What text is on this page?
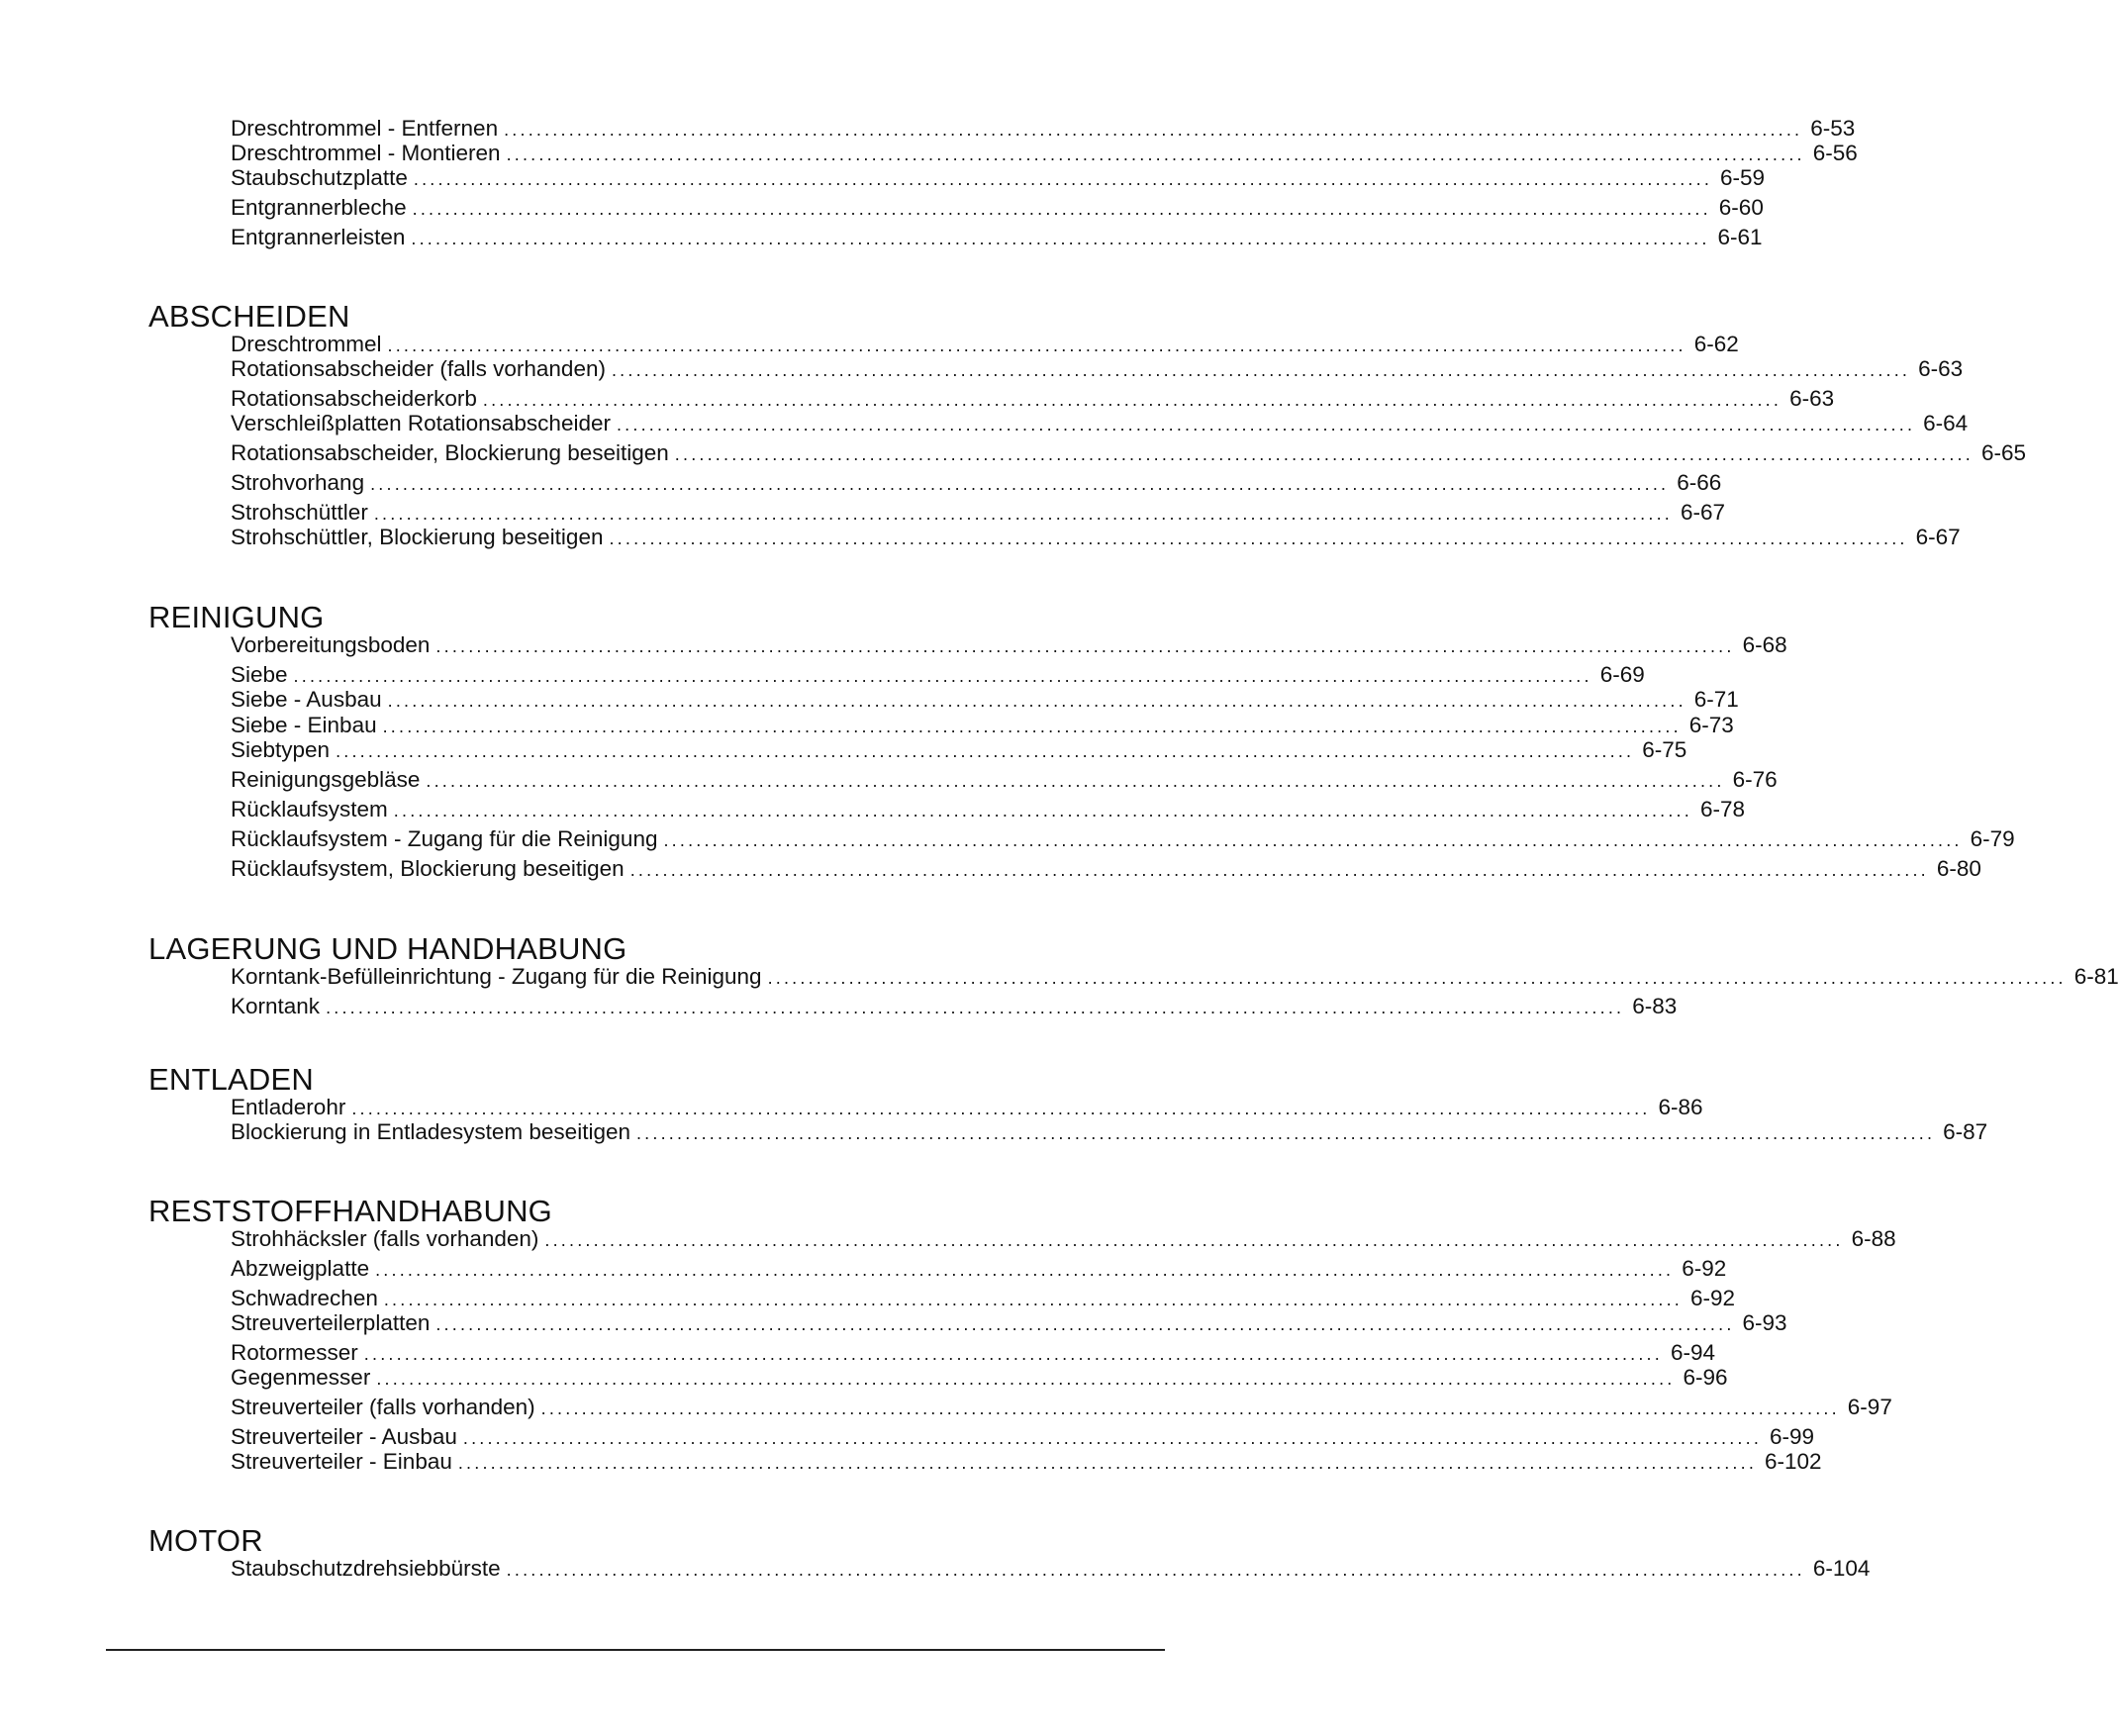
Dreschtrommel - Entfernen ................................................................................................................................................................ 6-53
Dreschtrommel - Montieren ................................................................................................................................................................ 6-56
Staubschutzplatte ................................................................................................................................................................ 6-59
Entgrannerbleche ................................................................................................................................................................ 6-60
Entgrannerleisten ................................................................................................................................................................ 6-61
ABSCHEIDEN
Dreschtrommel ................................................................................................................................................................ 6-62
Rotationsabscheider (falls vorhanden) ................................................................................................................................................................ 6-63
Rotationsabscheiderkorb ................................................................................................................................................................ 6-63
Verschleißplatten Rotationsabscheider ................................................................................................................................................................ 6-64
Rotationsabscheider, Blockierung beseitigen ................................................................................................................................................................ 6-65
Strohvorhang ................................................................................................................................................................ 6-66
Strohschüttler ................................................................................................................................................................ 6-67
Strohschüttler, Blockierung beseitigen ................................................................................................................................................................ 6-67
REINIGUNG
Vorbereitungsboden ................................................................................................................................................................ 6-68
Siebe ................................................................................................................................................................ 6-69
Siebe - Ausbau ................................................................................................................................................................ 6-71
Siebe - Einbau ................................................................................................................................................................ 6-73
Siebtypen ................................................................................................................................................................ 6-75
Reinigungsgebläse ................................................................................................................................................................ 6-76
Rücklaufsystem ................................................................................................................................................................ 6-78
Rücklaufsystem - Zugang für die Reinigung ................................................................................................................................................................ 6-79
Rücklaufsystem, Blockierung beseitigen ................................................................................................................................................................ 6-80
LAGERUNG UND HANDHABUNG
Korntank-Befülleinrichtung - Zugang für die Reinigung ................................................................................................................................................................ 6-81
Korntank ................................................................................................................................................................ 6-83
ENTLADEN
Entladerohr ................................................................................................................................................................ 6-86
Blockierung in Entladesystem beseitigen ................................................................................................................................................................ 6-87
RESTSTOFFHANDHABUNG
Strohhäcksler (falls vorhanden) ................................................................................................................................................................ 6-88
Abzweigplatte ................................................................................................................................................................ 6-92
Schwadrechen ................................................................................................................................................................ 6-92
Streuverteilerplatten ................................................................................................................................................................ 6-93
Rotormesser ................................................................................................................................................................ 6-94
Gegenmesser ................................................................................................................................................................ 6-96
Streuverteiler (falls vorhanden) ................................................................................................................................................................ 6-97
Streuverteiler - Ausbau ................................................................................................................................................................ 6-99
Streuverteiler - Einbau ................................................................................................................................................................ 6-102
MOTOR
Staubschutzdrehsiebbürste ................................................................................................................................................................ 6-104
